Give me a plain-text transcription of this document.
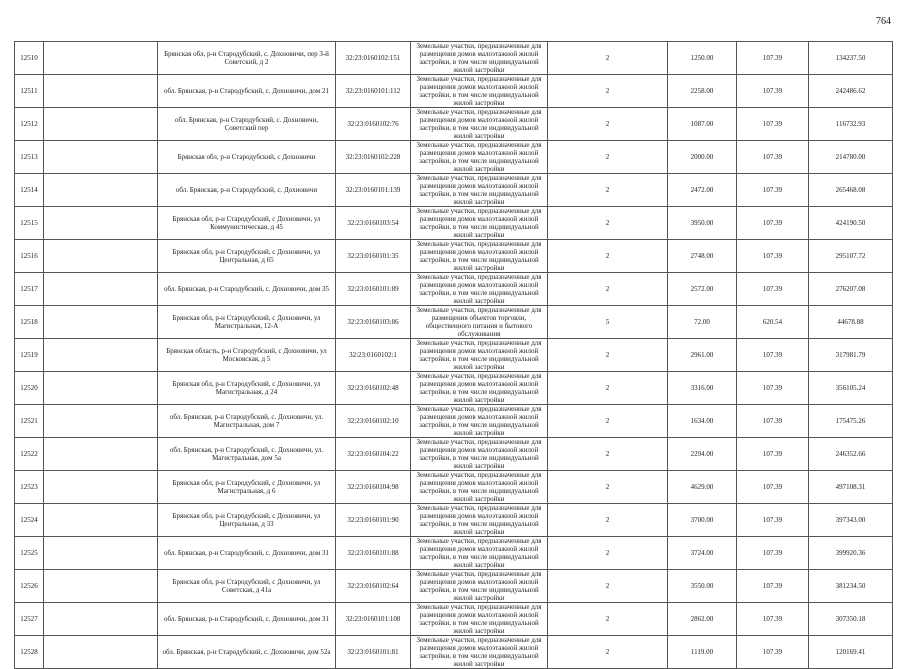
764
12510		Брянская обл, р-н Стародубский, с. Дохновичи, пер 3-й Советский, д 2	32:23:0160102:151	Земельные участки, предназначенные для размещения домов малоэтажной жилой застройки, в том числе индивидуальной жилой застройки	2	1250.00	107.39	134237.50
12511		обл. Брянская, р-н Стародубский, с. Дохновичи, дом 21	32:23:0160101:112	Земельные участки, предназначенные для размещения домов малоэтажной жилой застройки, в том числе индивидуальной жилой застройки	2	2258.00	107.39	242486.62
12512		обл. Брянская, р-н Стародубский, с. Дохновичи, Советский пер	32:23:0160102:76	Земельные участки, предназначенные для размещения домов малоэтажной жилой застройки, в том числе индивидуальной жилой застройки	2	1087.00	107.39	116732.93
12513		Брянская обл, р-н Стародубский, с Дохновичи	32:23:0160102:228	Земельные участки, предназначенные для размещения домов малоэтажной жилой застройки, в том числе индивидуальной жилой застройки	2	2000.00	107.39	214780.00
12514		обл. Брянская, р-н Стародубский, с. Дохновичи	32:23:0160101:139	Земельные участки, предназначенные для размещения домов малоэтажной жилой застройки, в том числе индивидуальной жилой застройки	2	2472.00	107.39	265468.08
12515		Брянская обл, р-н Стародубский, с Дохновичи, ул Коммунистическая, д 45	32:23:0160103:54	Земельные участки, предназначенные для размещения домов малоэтажной жилой застройки, в том числе индивидуальной жилой застройки	2	3950.00	107.39	424190.50
12516		Брянская обл, р-н Стародубский, с Дохновичи, ул Центральная, д 65	32:23:0160101:35	Земельные участки, предназначенные для размещения домов малоэтажной жилой застройки, в том числе индивидуальной жилой застройки	2	2748.00	107.39	295107.72
12517		обл. Брянская, р-н Стародубский, с. Дохновичи, дом 35	32:23:0160101:89	Земельные участки, предназначенные для размещения домов малоэтажной жилой застройки, в том числе индивидуальной жилой застройки	2	2572.00	107.39	276207.08
12518		Брянская обл, р-н Стародубский, с Дохновичи, ул Магистральная, 12-А	32:23:0160103:86	Земельные участки, предназначенные для размещения объектов торговли, общественного питания и бытового обслуживания	5	72.00	620.54	44678.88
12519		Брянская область, р-н Стародубский, с Дохновичи, ул Московская, д 5	32:23:0160102:1	Земельные участки, предназначенные для размещения домов малоэтажной жилой застройки, в том числе индивидуальной жилой застройки	2	2961.00	107.39	317981.79
12520		Брянская обл, р-н Стародубский, с Дохновичи, ул Магистральная, д 24	32:23:0160102:48	Земельные участки, предназначенные для размещения домов малоэтажной жилой застройки, в том числе индивидуальной жилой застройки	2	3316.00	107.39	356105.24
12521		обл. Брянская, р-н Стародубский, с. Дохновичи, ул. Магистральная, дом 7	32:23:0160102:10	Земельные участки, предназначенные для размещения домов малоэтажной жилой застройки, в том числе индивидуальной жилой застройки	2	1634.00	107.39	175475.26
12522		обл. Брянская, р-н Стародубский, с. Дохновичи, ул. Магистральная, дом 5а	32:23:0160104:22	Земельные участки, предназначенные для размещения домов малоэтажной жилой застройки, в том числе индивидуальной жилой застройки	2	2294.00	107.39	246352.66
12523		Брянская обл, р-н Стародубский, с Дохновичи, ул Магистральная, д 6	32:23:0160104:98	Земельные участки, предназначенные для размещения домов малоэтажной жилой застройки, в том числе индивидуальной жилой застройки	2	4629.00	107.39	497108.31
12524		Брянская обл, р-н Стародубский, с Дохновичи, ул Центральная, д 33	32:23:0160101:90	Земельные участки, предназначенные для размещения домов малоэтажной жилой застройки, в том числе индивидуальной жилой застройки	2	3700.00	107.39	397343.00
12525		обл. Брянская, р-н Стародубский, с. Дохновичи, дом 31	32:23:0160101:88	Земельные участки, предназначенные для размещения домов малоэтажной жилой застройки, в том числе индивидуальной жилой застройки	2	3724.00	107.39	399920.36
12526		Брянская обл, р-н Стародубский, с Дохновичи, ул Советская, д 41а	32:23:0160102:64	Земельные участки, предназначенные для размещения домов малоэтажной жилой застройки, в том числе индивидуальной жилой застройки	2	3550.00	107.39	381234.50
12527		обл. Брянская, р-н Стародубский, с. Дохновичи, дом 31	32:23:0160101:108	Земельные участки, предназначенные для размещения домов малоэтажной жилой застройки, в том числе индивидуальной жилой застройки	2	2862.00	107.39	307350.18
12528		обл. Брянская, р-н Стародубский, с. Дохновичи, дом 52а	32:23:0160101:81	Земельные участки, предназначенные для размещения домов малоэтажной жилой застройки, в том числе индивидуальной жилой застройки	2	1119.00	107.39	120169.41
